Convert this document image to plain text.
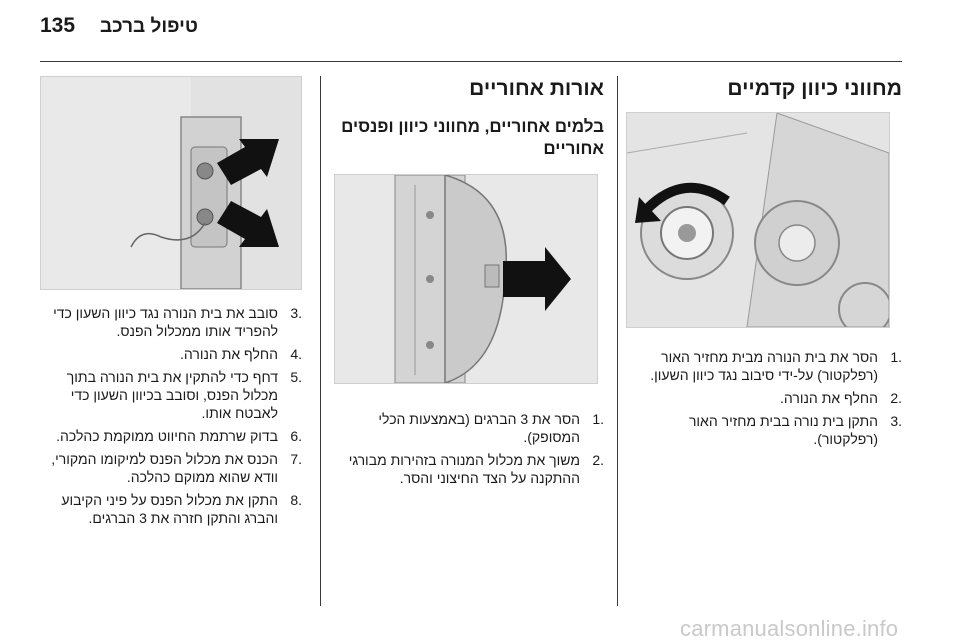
135 טיפול ברכב
מחווני כיוון קדמיים
.1
הסר את בית הנורה מבית מחזיר האור (רפלקטור) על-ידי סיבוב נגד כיוון השעון.
.2
החלף את הנורה.
.3
התקן בית נורה בבית מחזיר האור (רפלקטור).
אורות אחוריים
בלמים אחוריים, מחווני כיוון ופנסים אחוריים
.1
הסר את 3 הברגים (באמצעות הכלי המסופק).
.2
משוך את מכלול המנורה בזהירות מבורגי ההתקנה על הצד החיצוני והסר.
.3
סובב את בית הנורה נגד כיוון השעון כדי להפריד אותו ממכלול הפנס.
.4
החלף את הנורה.
.5
דחף כדי להתקין את בית הנורה בתוך מכלול הפנס, וסובב בכיוון השעון כדי לאבטח אותו.
.6
בדוק שרתמת החיווט ממוקמת כהלכה.
.7
הכנס את מכלול הפנס למיקומו המקורי, וודא שהוא ממוקם כהלכה.
.8
התקן את מכלול הפנס על פיני הקיבוע והברג והתקן חזרה את 3 הברגים.
carmanualsonline.info
